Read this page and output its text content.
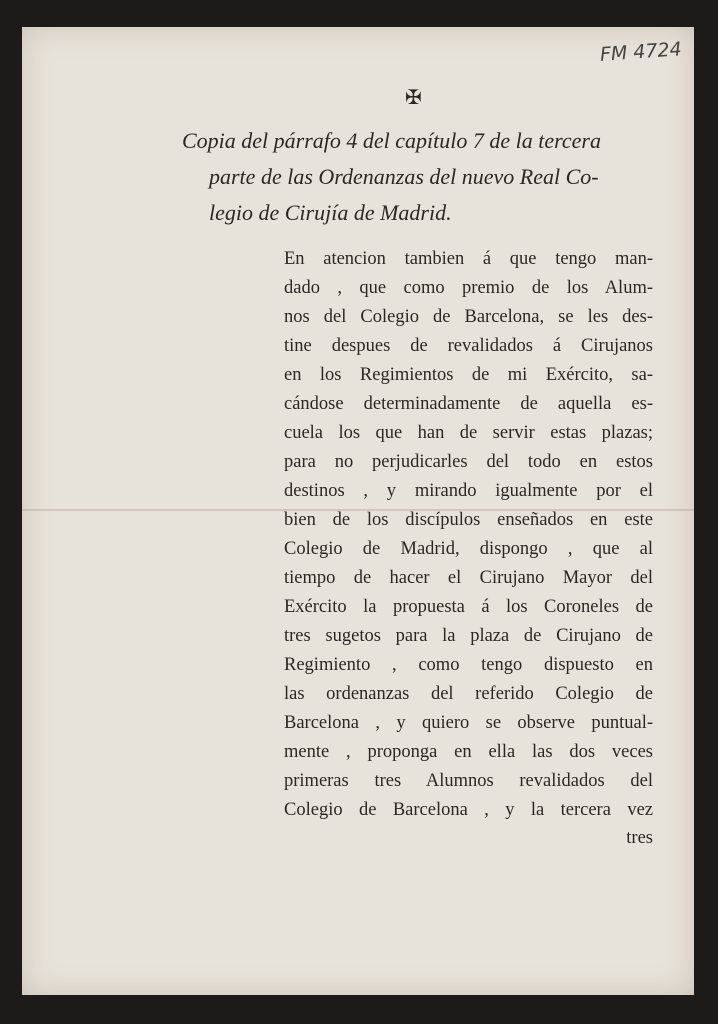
FM 4724
✠
Copia del párrafo 4 del capítulo 7 de la tercera
parte de las Ordenanzas del nuevo Real Co-
legio de Cirujía de Madrid.
En atencion tambien á que tengo man-
dado , que como premio de los Alum-
nos del Colegio de Barcelona, se les des-
tine despues de revalidados á Cirujanos
en los Regimientos de mi Exército, sa-
cándose determinadamente de aquella es-
cuela los que han de servir estas plazas;
para no perjudicarles del todo en estos
destinos , y mirando igualmente por el
bien de los discípulos enseñados en este
Colegio de Madrid, dispongo , que al
tiempo de hacer el Cirujano Mayor del
Exército la propuesta á los Coroneles de
tres sugetos para la plaza de Cirujano de
Regimiento , como tengo dispuesto en
las ordenanzas del referido Colegio de
Barcelona , y quiero se observe puntual-
mente , proponga en ella las dos veces
primeras tres Alumnos revalidados del
Colegio de Barcelona , y la tercera vez
tres
